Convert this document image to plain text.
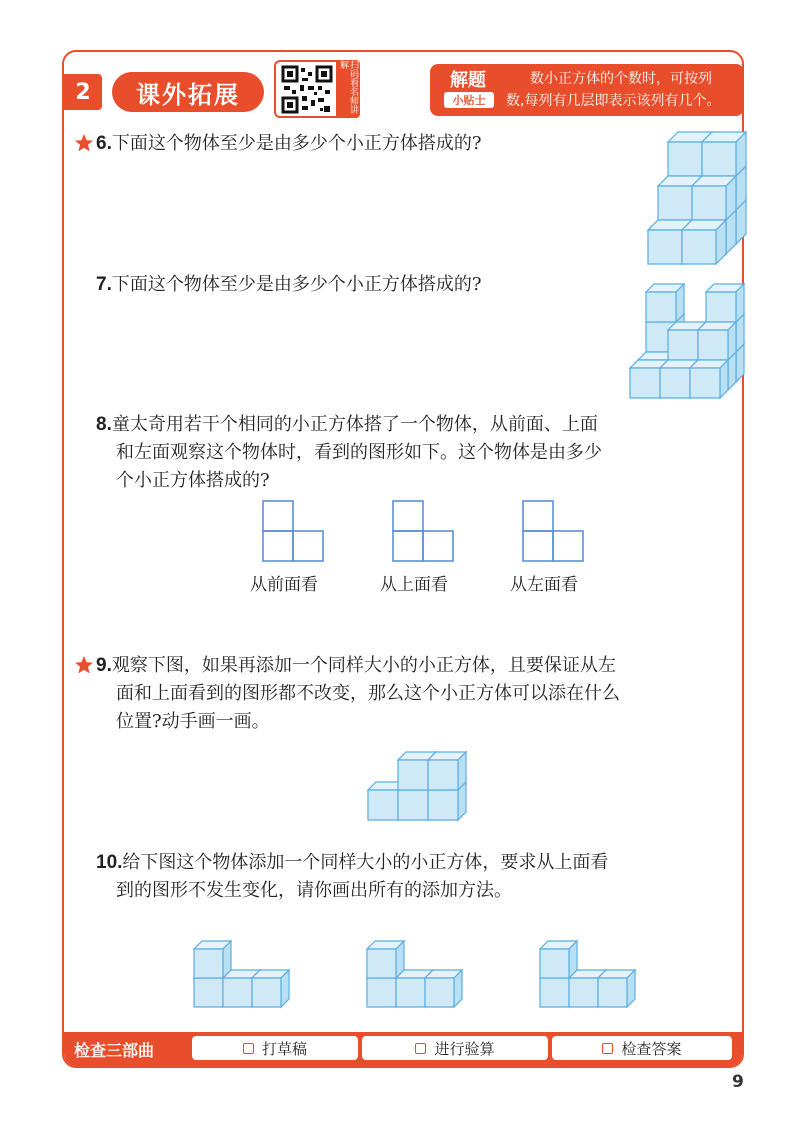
2	课外拓展	扫码看名师讲解
解题
小贴士
数小正方体的个数时，可按列
数,每列有几层即表示该列有几个。
6.下面这个物体至少是由多少个小正方体搭成的?
7.下面这个物体至少是由多少个小正方体搭成的?
8.童太奇用若干个相同的小正方体搭了一个物体，从前面、上面
和左面观察这个物体时，看到的图形如下。这个物体是由多少
个小正方体搭成的?
从前面看	从上面看	从左面看
9.观察下图，如果再添加一个同样大小的小正方体，且要保证从左
面和上面看到的图形都不改变，那么这个小正方体可以添在什么
位置?动手画一画。
10.给下图这个物体添加一个同样大小的小正方体，要求从上面看
到的图形不发生变化，请你画出所有的添加方法。
检查三部曲	打草稿	进行验算	检查答案
9
